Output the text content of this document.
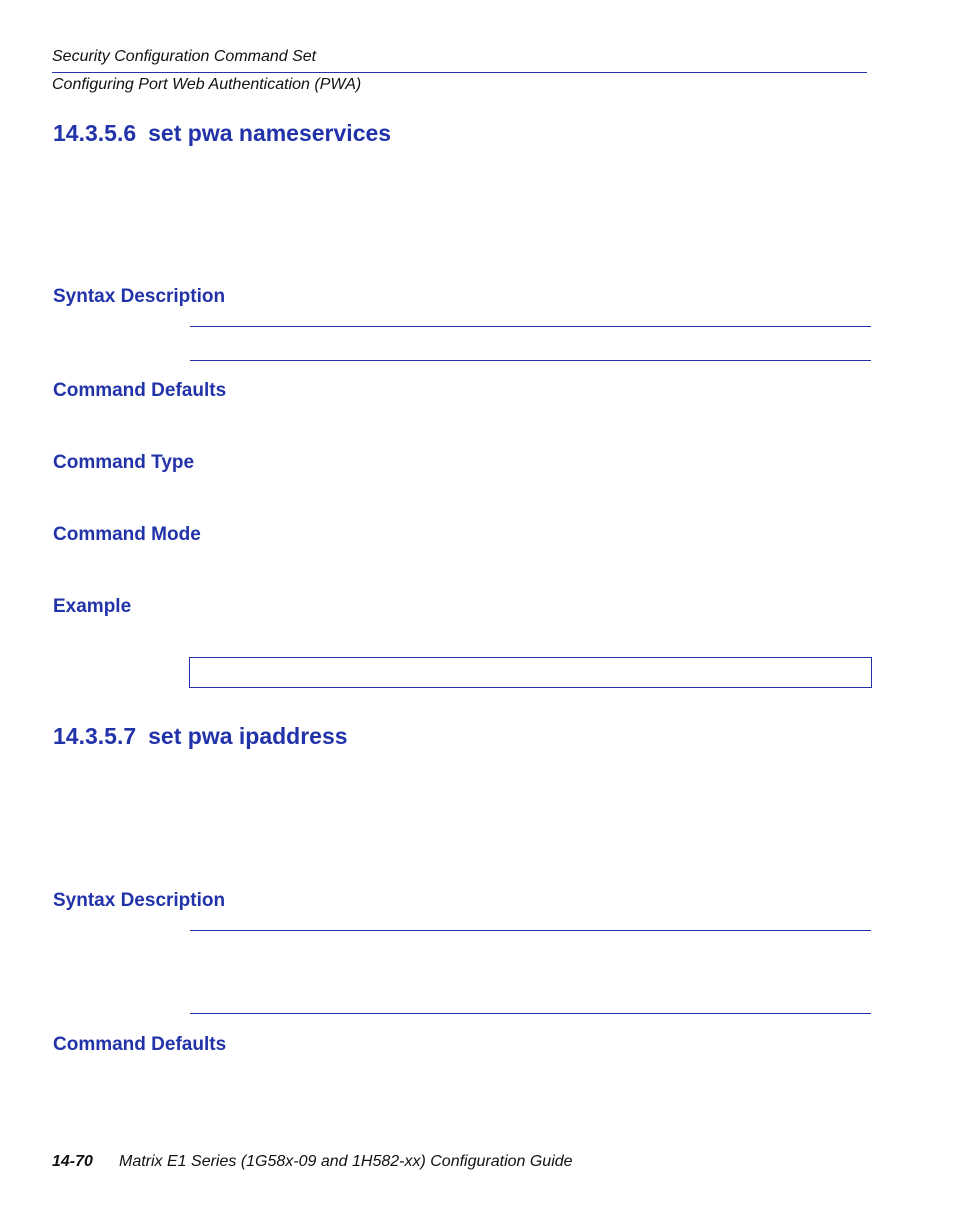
Security Configuration Command Set
Configuring Port Web Authentication (PWA)
14.3.5.6 set pwa nameservices
Syntax Description
Command Defaults
Command Type
Command Mode
Example
14.3.5.7 set pwa ipaddress
Syntax Description
Command Defaults
14-70 Matrix E1 Series (1G58x-09 and 1H582-xx) Configuration Guide
